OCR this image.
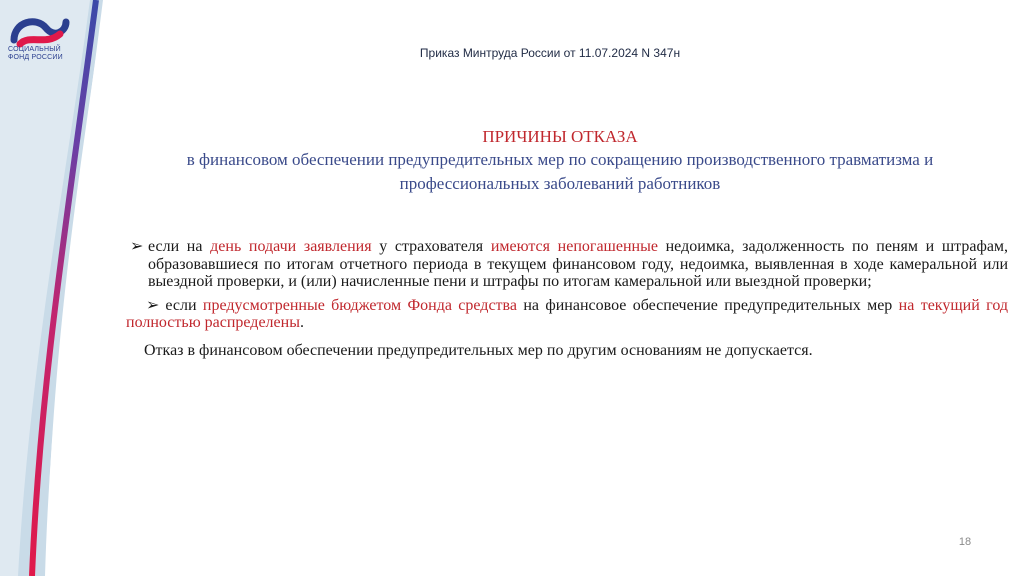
СОЦИАЛЬНЫЙ
ФОНД РОССИИ	Приказ Минтруда России от 11.07.2024 N 347н
ПРИЧИНЫ ОТКАЗА
в финансовом обеспечении предупредительных мер по сокращению производственного травматизма и
профессиональных заболеваний работников
➢ если на день подачи заявления у страхователя имеются непогашенные недоимка, задолженность по пеням и штрафам, образовавшиеся по итогам отчетного периода в текущем финансовом году, недоимка, выявленная в ходе камеральной или выездной проверки, и (или) начисленные пени и штрафы по итогам камеральной или выездной проверки;
➢ если предусмотренные бюджетом Фонда средства на финансовое обеспечение предупредительных мер на текущий год полностью распределены.
Отказ в финансовом обеспечении предупредительных мер по другим основаниям не допускается.
18
